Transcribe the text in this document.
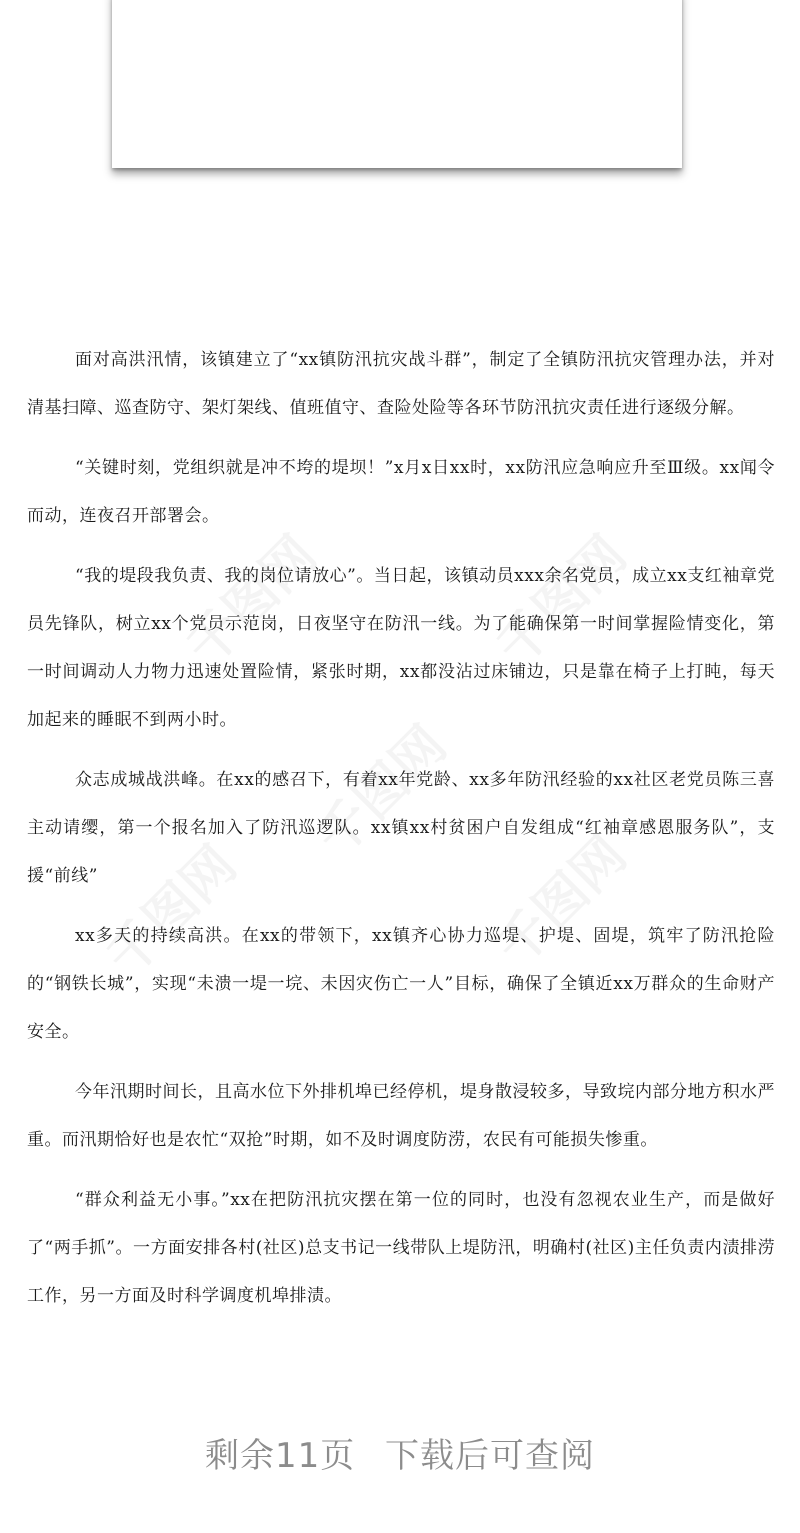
面对高洪汛情，该镇建立了“xx镇防汛抗灾战斗群”，制定了全镇防汛抗灾管理办法，并对清基扫障、巡查防守、架灯架线、值班值守、查险处险等各环节防汛抗灾责任进行逐级分解。

“关键时刻，党组织就是冲不垮的堤坝！”x月x日xx时，xx防汛应急响应升至Ⅲ级。xx闻令而动，连夜召开部署会。

“我的堤段我负责、我的岗位请放心”。当日起，该镇动员xxx余名党员，成立xx支红袖章党员先锋队，树立xx个党员示范岗，日夜坚守在防汛一线。为了能确保第一时间掌握险情变化，第一时间调动人力物力迅速处置险情，紧张时期，xx都没沾过床铺边，只是靠在椅子上打盹，每天加起来的睡眠不到两小时。

众志成城战洪峰。在xx的感召下，有着xx年党龄、xx多年防汛经验的xx社区老党员陈三喜主动请缨，第一个报名加入了防汛巡逻队。xx镇xx村贫困户自发组成“红袖章感恩服务队”，支援“前线”

xx多天的持续高洪。在xx的带领下，xx镇齐心协力巡堤、护堤、固堤，筑牢了防汛抢险的“钢铁长城”，实现“未溃一堤一垸、未因灾伤亡一人”目标，确保了全镇近xx万群众的生命财产安全。

今年汛期时间长，且高水位下外排机埠已经停机，堤身散浸较多，导致垸内部分地方积水严重。而汛期恰好也是农忙“双抢”时期，如不及时调度防涝，农民有可能损失惨重。

“群众利益无小事。”xx在把防汛抗灾摆在第一位的同时，也没有忽视农业生产，而是做好了“两手抓”。一方面安排各村(社区)总支书记一线带队上堤防汛，明确村(社区)主任负责内渍排涝工作，另一方面及时科学调度机埠排渍。

剩余11页 下载后可查阅
